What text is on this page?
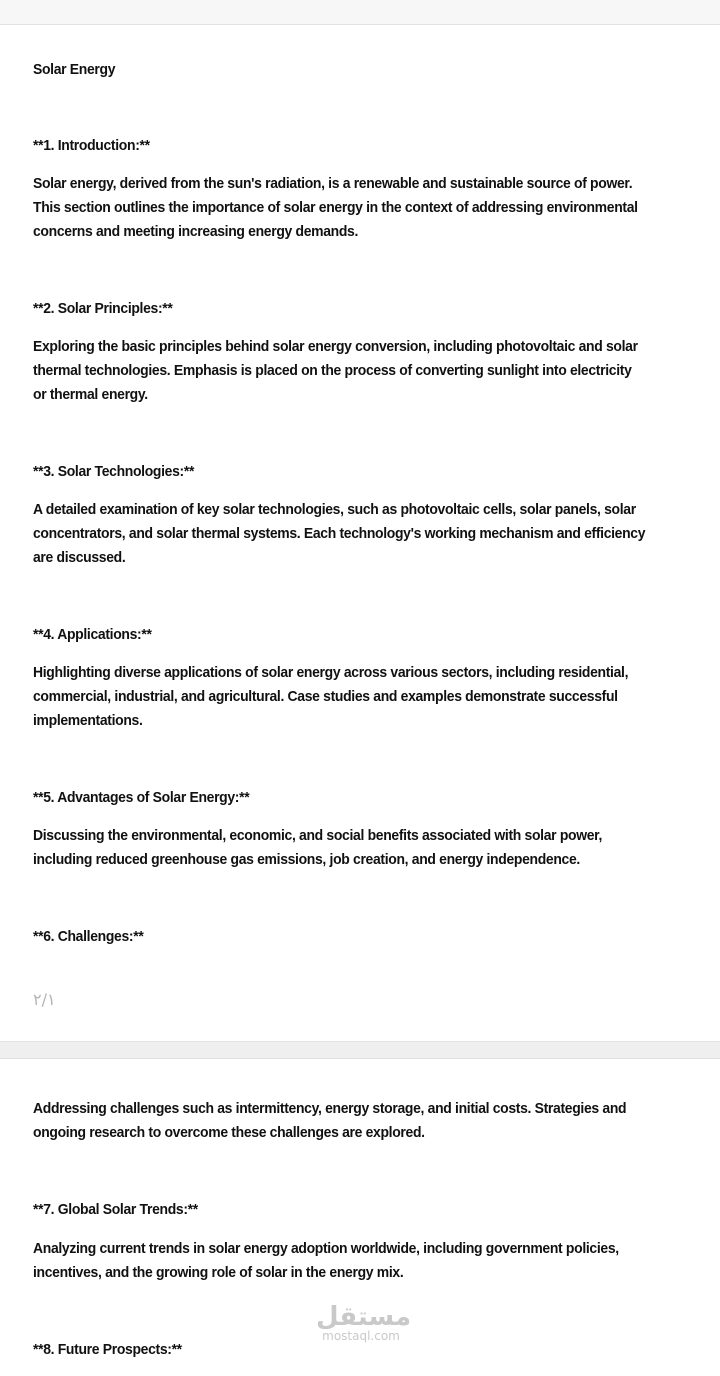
Solar Energy

**1. Introduction:**

Solar energy, derived from the sun's radiation, is a renewable and sustainable source of power. This section outlines the importance of solar energy in the context of addressing environmental concerns and meeting increasing energy demands.

**2. Solar Principles:**

Exploring the basic principles behind solar energy conversion, including photovoltaic and solar thermal technologies. Emphasis is placed on the process of converting sunlight into electricity or thermal energy.

**3. Solar Technologies:**

A detailed examination of key solar technologies, such as photovoltaic cells, solar panels, solar concentrators, and solar thermal systems. Each technology's working mechanism and efficiency are discussed.

**4. Applications:**

Highlighting diverse applications of solar energy across various sectors, including residential, commercial, industrial, and agricultural. Case studies and examples demonstrate successful implementations.

**5. Advantages of Solar Energy:**

Discussing the environmental, economic, and social benefits associated with solar power, including reduced greenhouse gas emissions, job creation, and energy independence.

**6. Challenges:**

٢/١

Addressing challenges such as intermittency, energy storage, and initial costs. Strategies and ongoing research to overcome these challenges are explored.

**7. Global Solar Trends:**

Analyzing current trends in solar energy adoption worldwide, including government policies, incentives, and the growing role of solar in the energy mix.

**8. Future Prospects:**

مستقل
mostaql.com
